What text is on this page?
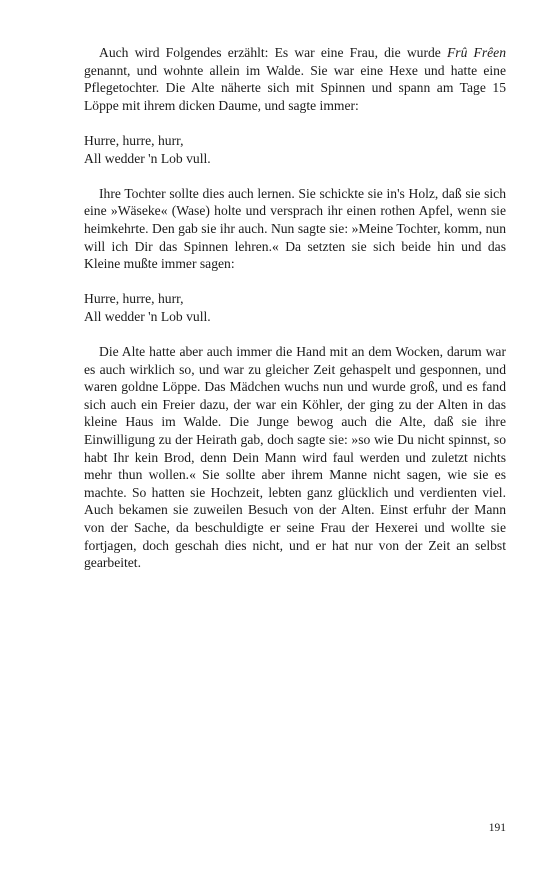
Auch wird Folgendes erzählt: Es war eine Frau, die wurde Frû Frêen genannt, und wohnte allein im Walde. Sie war eine Hexe und hatte eine Pflegetochter. Die Alte näherte sich mit Spinnen und spann am Tage 15 Löppe mit ihrem dicken Daume, und sagte immer:

Hurre, hurre, hurr,
All wedder 'n Lob vull.

Ihre Tochter sollte dies auch lernen. Sie schickte sie in's Holz, daß sie sich eine »Wäseke« (Wase) holte und versprach ihr einen rothen Apfel, wenn sie heimkehrte. Den gab sie ihr auch. Nun sagte sie: »Meine Tochter, komm, nun will ich Dir das Spinnen lehren.« Da setzten sie sich beide hin und das Kleine mußte immer sagen:

Hurre, hurre, hurr,
All wedder 'n Lob vull.

Die Alte hatte aber auch immer die Hand mit an dem Wocken, darum war es auch wirklich so, und war zu gleicher Zeit gehaspelt und gesponnen, und waren goldne Löppe. Das Mädchen wuchs nun und wurde groß, und es fand sich auch ein Freier dazu, der war ein Köhler, der ging zu der Alten in das kleine Haus im Walde. Die Junge bewog auch die Alte, daß sie ihre Einwilligung zu der Heirath gab, doch sagte sie: »so wie Du nicht spinnst, so habt Ihr kein Brod, denn Dein Mann wird faul werden und zuletzt nichts mehr thun wollen.« Sie sollte aber ihrem Manne nicht sagen, wie sie es machte. So hatten sie Hochzeit, lebten ganz glücklich und verdienten viel. Auch bekamen sie zuweilen Besuch von der Alten. Einst erfuhr der Mann von der Sache, da beschuldigte er seine Frau der Hexerei und wollte sie fortjagen, doch geschah dies nicht, und er hat nur von der Zeit an selbst gearbeitet.

191
